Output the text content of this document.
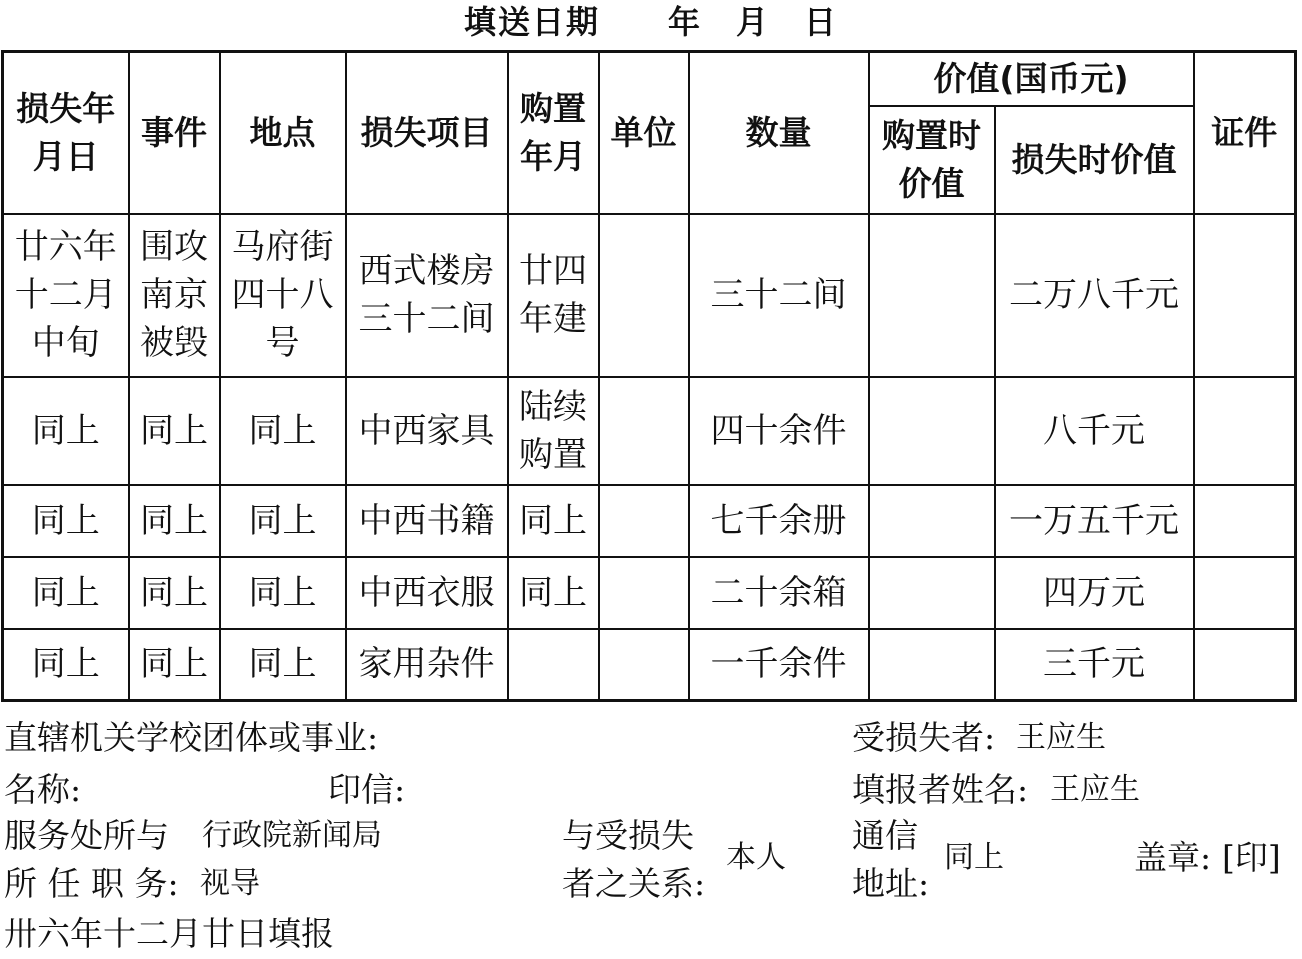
填送日期　　年　月　日
损失年月日	事件	地点	损失项目	购置年月	单位	数量	价值(国币元)		证件
							购置时价值	损失时价值	
廿六年十二月中旬	围攻南京被毁	马府街四十八号	西式楼房三十二间	廿四年建		三十二间		二万八千元	
同上	同上	同上	中西家具	陆续购置		四十余件		八千元	
同上	同上	同上	中西书籍	同上		七千余册		一万五千元	
同上	同上	同上	中西衣服	同上		二十余箱		四万元	
同上	同上	同上	家用杂件			一千余件		三千元	
直辖机关学校团体或事业:
名称:	印信:
服务处所与 行政院新闻局
所 任 职 务: 视导
卅六年十二月廿日填报
与受损失
者之关系:
本人
受损失者: 王应生
填报者姓名: 王应生
通信
地址:
同上	盖章: [印]
